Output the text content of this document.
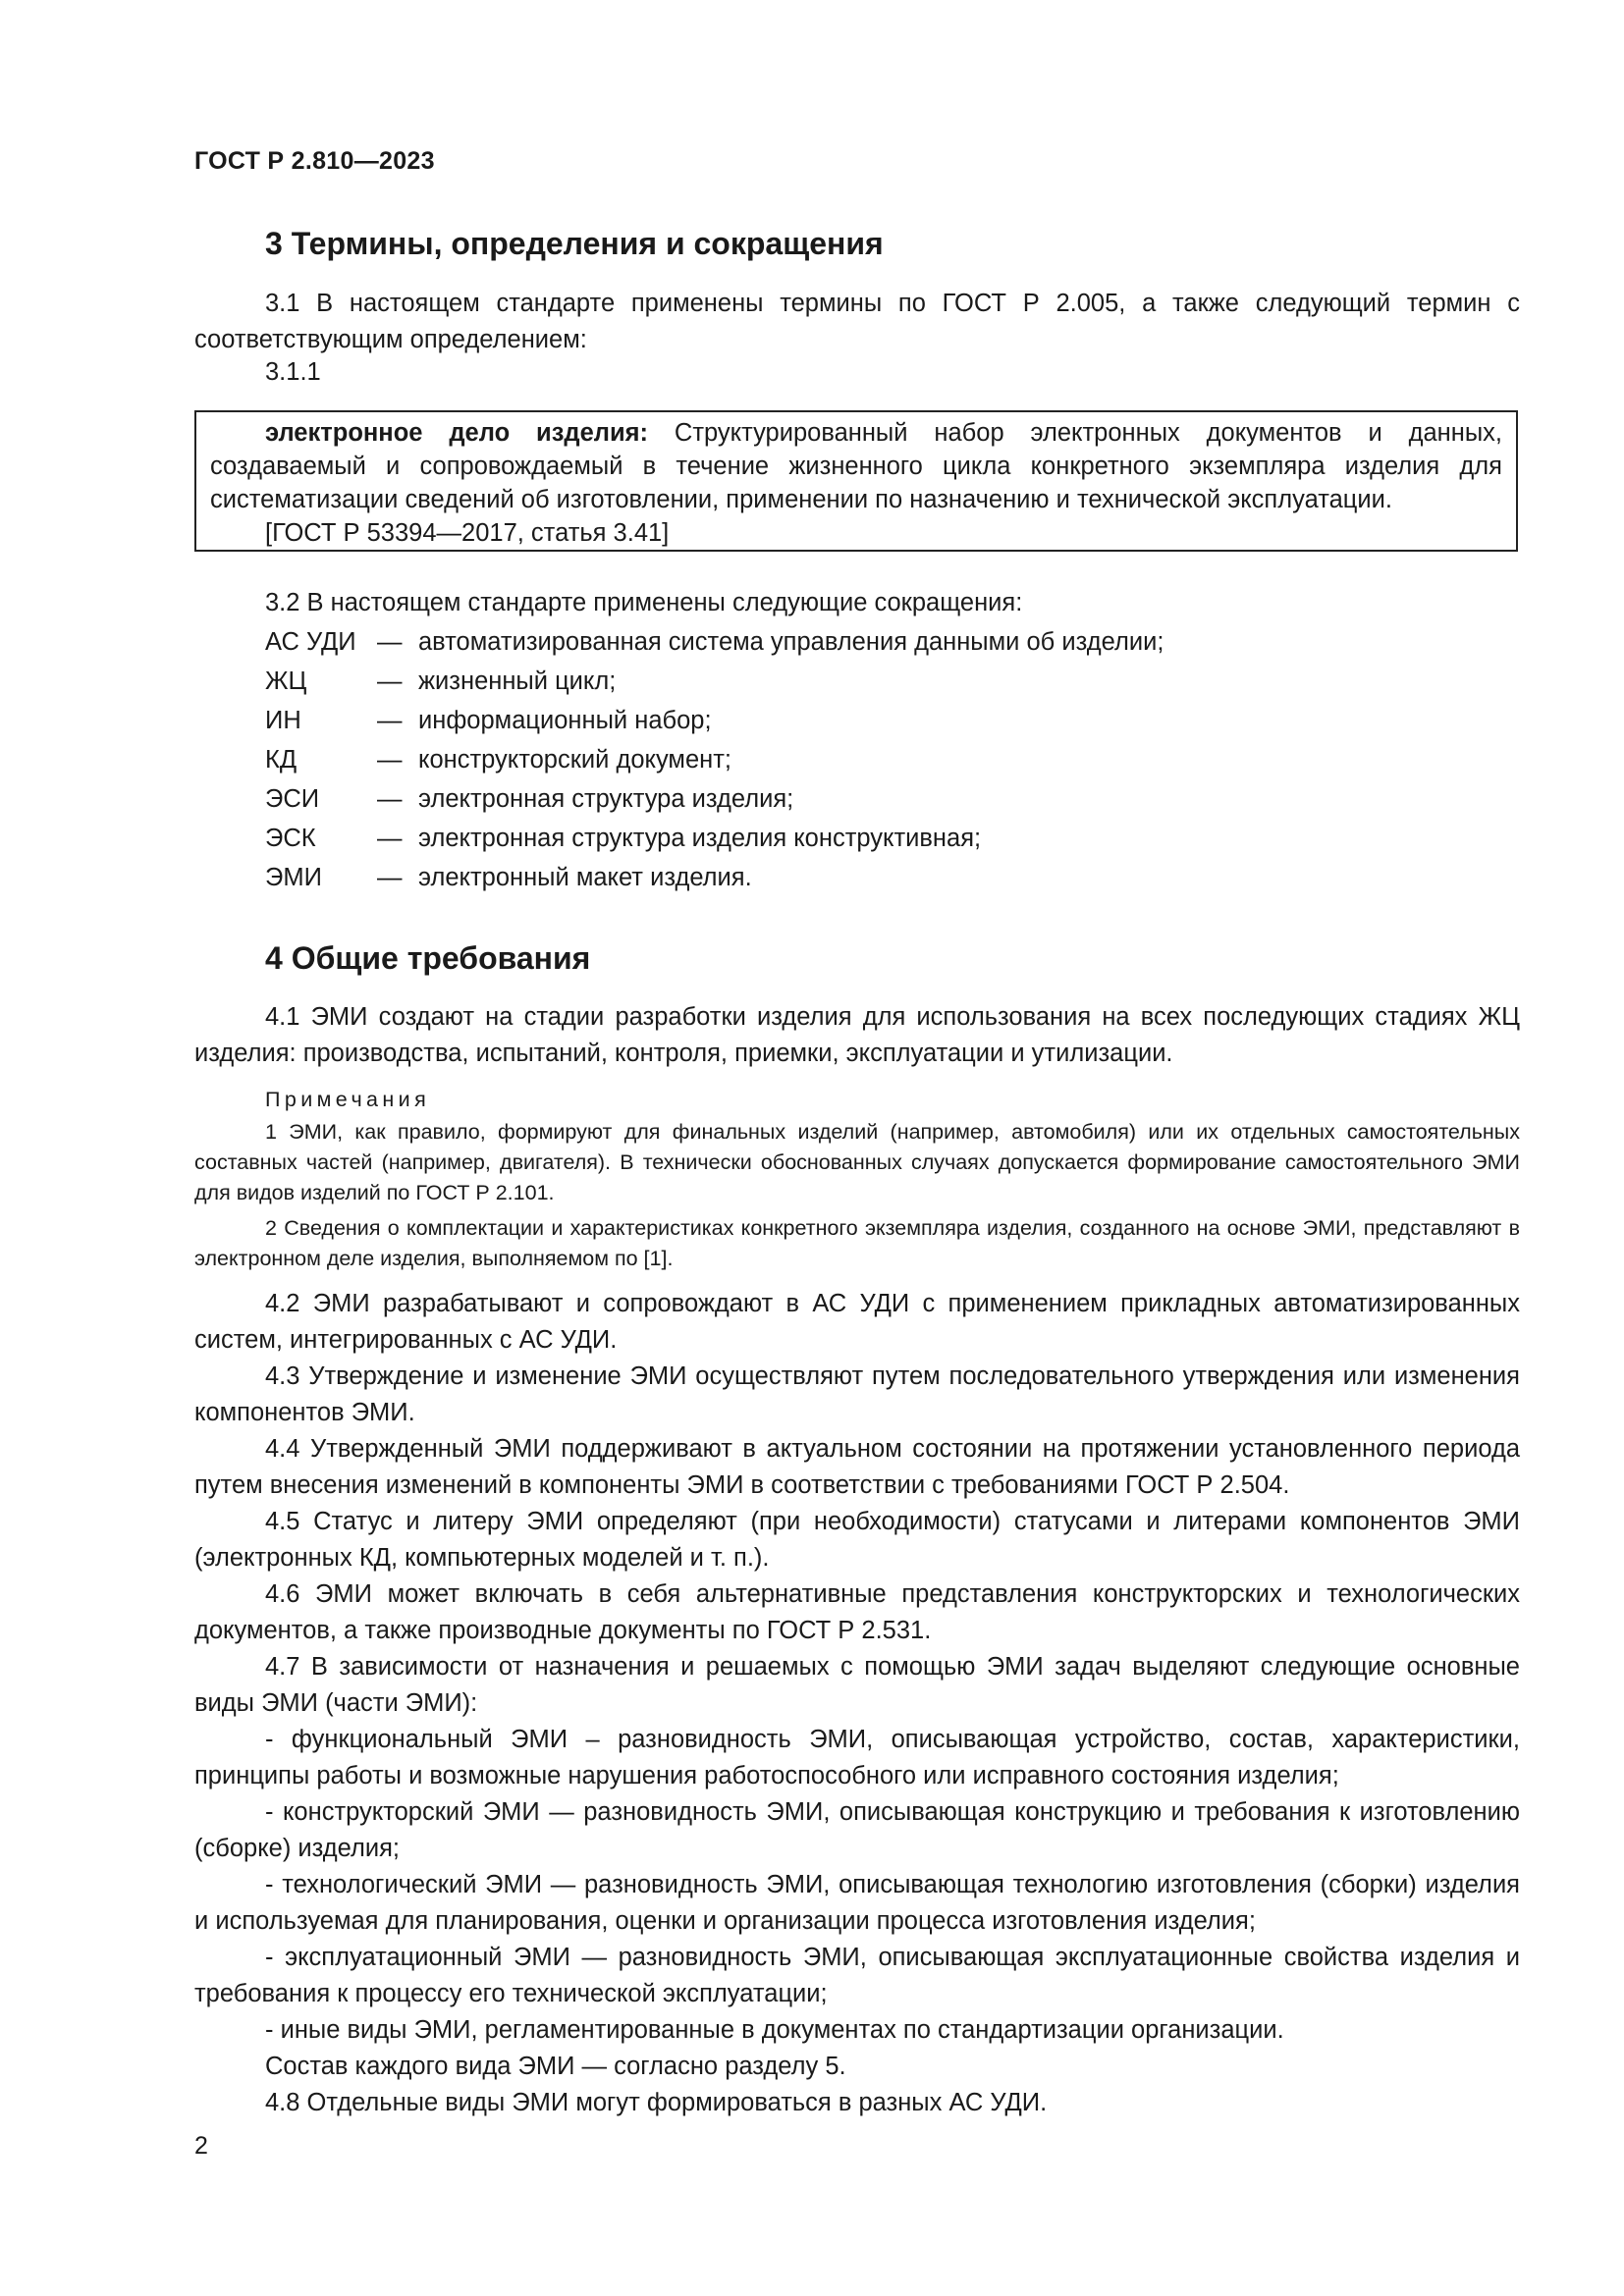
ГОСТ Р 2.810—2023
3 Термины, определения и сокращения

3.1 В настоящем стандарте применены термины по ГОСТ Р 2.005, а также следующий термин с соответствующим определением:

3.1.1

электронное дело изделия: Структурированный набор электронных документов и данных, создаваемый и сопровождаемый в течение жизненного цикла конкретного экземпляра изделия для систематизации сведений об изготовлении, применении по назначению и технической эксплуатации.

[ГОСТ Р 53394—2017, статья 3.41]

3.2 В настоящем стандарте применены следующие сокращения:

АС УДИ — автоматизированная система управления данными об изделии;
ЖЦ	— жизненный цикл;
ИН	— информационный набор;
КД	— конструкторский документ;
ЭСИ — электронная структура изделия;
ЭСК — электронная структура изделия конструктивная;
ЭМИ — электронный макет изделия.
4 Общие требования

4.1 ЭМИ создают на стадии разработки изделия для использования на всех последующих стадиях ЖЦ изделия: производства, испытаний, контроля, приемки, эксплуатации и утилизации.

Примечания

1 ЭМИ, как правило, формируют для финальных изделий (например, автомобиля) или их отдельных самостоятельных составных частей (например, двигателя). В технически обоснованных случаях допускается формирование самостоятельного ЭМИ для видов изделий по ГОСТ Р 2.101.

2 Сведения о комплектации и характеристиках конкретного экземпляра изделия, созданного на основе ЭМИ, представляют в электронном деле изделия, выполняемом по [1].

4.2 ЭМИ разрабатывают и сопровождают в АС УДИ с применением прикладных автоматизированных систем, интегрированных с АС УДИ.

4.3 Утверждение и изменение ЭМИ осуществляют путем последовательного утверждения или изменения компонентов ЭМИ.

4.4 Утвержденный ЭМИ поддерживают в актуальном состоянии на протяжении установленного периода путем внесения изменений в компоненты ЭМИ в соответствии с требованиями ГОСТ Р 2.504.

4.5 Статус и литеру ЭМИ определяют (при необходимости) статусами и литерами компонентов ЭМИ (электронных КД, компьютерных моделей и т. п.).

4.6 ЭМИ может включать в себя альтернативные представления конструкторских и технологических документов, а также производные документы по ГОСТ Р 2.531.

4.7 В зависимости от назначения и решаемых с помощью ЭМИ задач выделяют следующие основные виды ЭМИ (части ЭМИ):

- функциональный ЭМИ – разновидность ЭМИ, описывающая устройство, состав, характеристики, принципы работы и возможные нарушения работоспособного или исправного состояния изделия;

- конструкторский ЭМИ — разновидность ЭМИ, описывающая конструкцию и требования к изготовлению (сборке) изделия;

- технологический ЭМИ — разновидность ЭМИ, описывающая технологию изготовления (сборки) изделия и используемая для планирования, оценки и организации процесса изготовления изделия;

- эксплуатационный ЭМИ — разновидность ЭМИ, описывающая эксплуатационные свойства изделия и требования к процессу его технической эксплуатации;

- иные виды ЭМИ, регламентированные в документах по стандартизации организации.

Состав каждого вида ЭМИ — согласно разделу 5.

4.8 Отдельные виды ЭМИ могут формироваться в разных АС УДИ.

2
